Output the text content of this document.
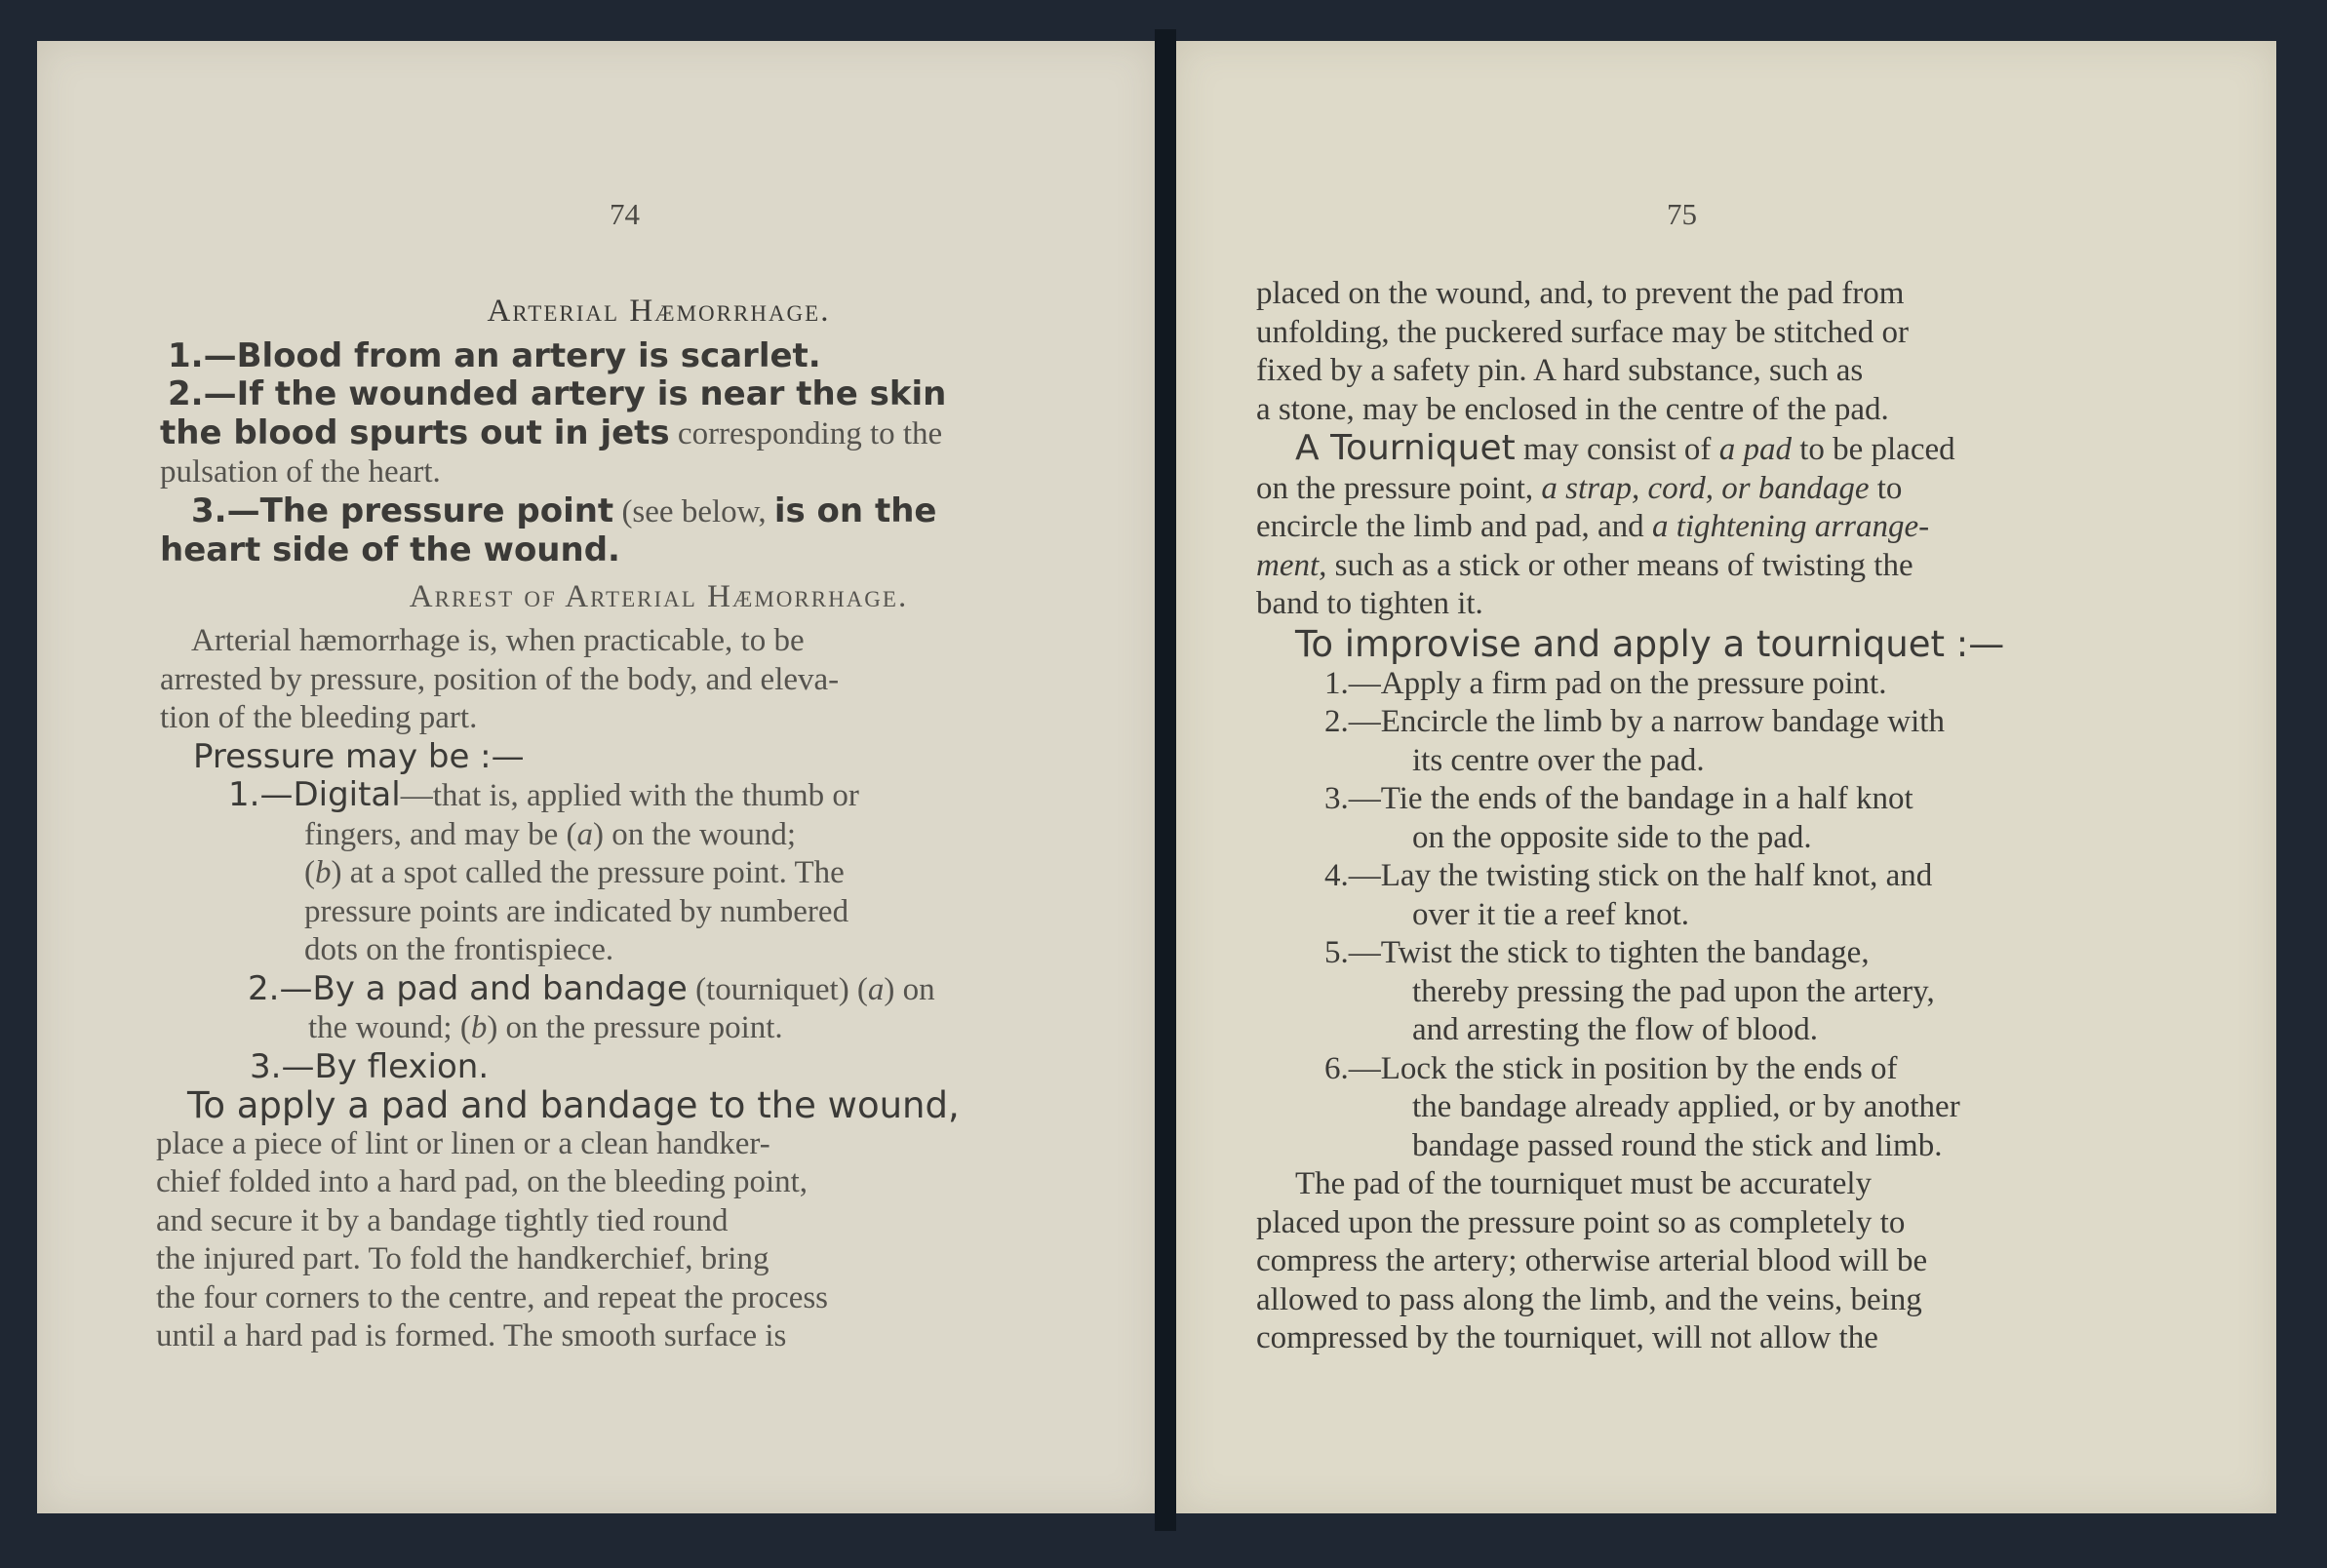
74

Arterial Hæmorrhage.

1.—Blood from an artery is scarlet.

2.—If the wounded artery is near the skin

the blood spurts out in jets corresponding to the

pulsation of the heart.

3.—The pressure point (see below, is on the

heart side of the wound.

Arrest of Arterial Hæmorrhage.

Arterial hæmorrhage is, when practicable, to be

arrested by pressure, position of the body, and eleva-

tion of the bleeding part.

Pressure may be :—

1.—Digital—that is, applied with the thumb or

fingers, and may be (a) on the wound;

(b) at a spot called the pressure point. The

pressure points are indicated by numbered

dots on the frontispiece.

2.—By a pad and bandage (tourniquet) (a) on

the wound; (b) on the pressure point.

3.—By flexion.

To apply a pad and bandage to the wound,

place a piece of lint or linen or a clean handker-

chief folded into a hard pad, on the bleeding point,

and secure it by a bandage tightly tied round

the injured part. To fold the handkerchief, bring

the four corners to the centre, and repeat the process

until a hard pad is formed. The smooth surface is

75

placed on the wound, and, to prevent the pad from

unfolding, the puckered surface may be stitched or

fixed by a safety pin. A hard substance, such as

a stone, may be enclosed in the centre of the pad.

A Tourniquet may consist of a pad to be placed

on the pressure point, a strap, cord, or bandage to

encircle the limb and pad, and a tightening arrange-

ment, such as a stick or other means of twisting the

band to tighten it.

To improvise and apply a tourniquet :—

1.—Apply a firm pad on the pressure point.

2.—Encircle the limb by a narrow bandage with

its centre over the pad.

3.—Tie the ends of the bandage in a half knot

on the opposite side to the pad.

4.—Lay the twisting stick on the half knot, and

over it tie a reef knot.

5.—Twist the stick to tighten the bandage,

thereby pressing the pad upon the artery,

and arresting the flow of blood.

6.—Lock the stick in position by the ends of

the bandage already applied, or by another

bandage passed round the stick and limb.

The pad of the tourniquet must be accurately

placed upon the pressure point so as completely to

compress the artery; otherwise arterial blood will be

allowed to pass along the limb, and the veins, being

compressed by the tourniquet, will not allow the
